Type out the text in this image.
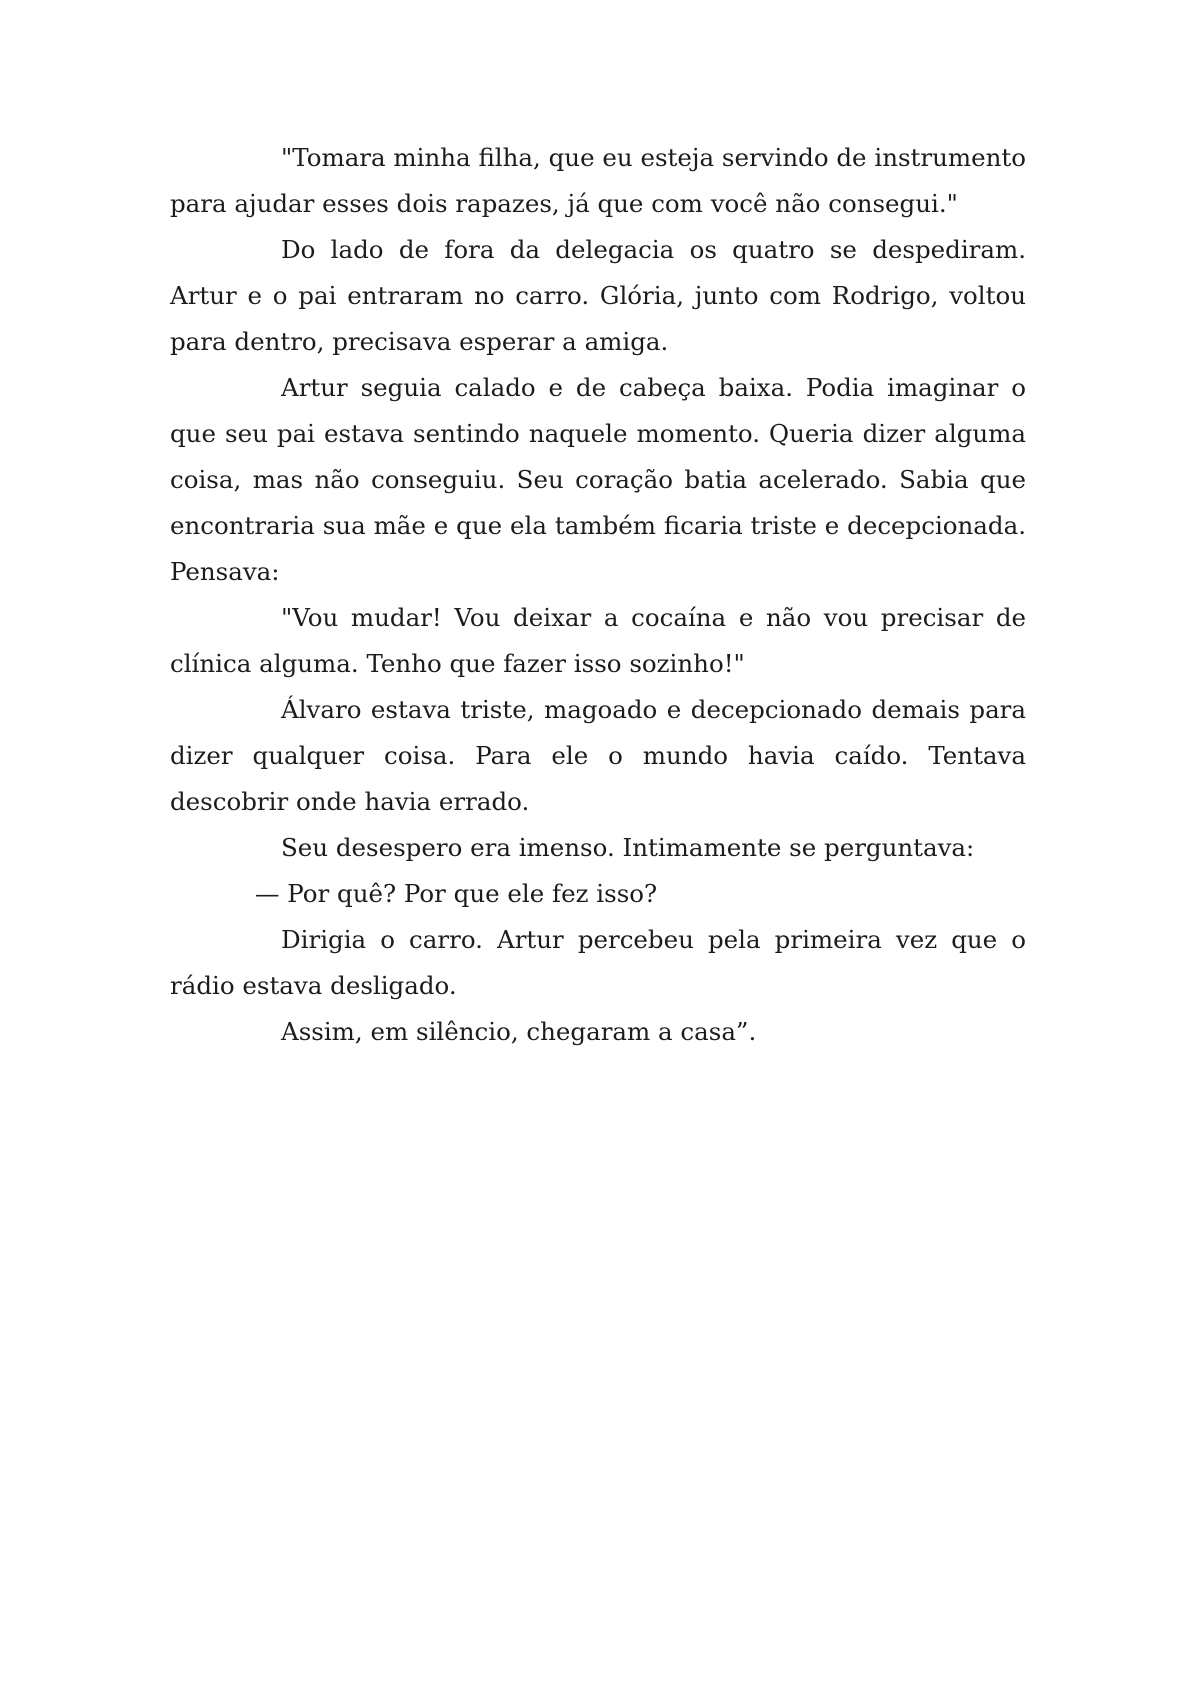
"Tomara minha filha, que eu esteja servindo de instrumento para ajudar esses dois rapazes, já que com você não consegui."

Do lado de fora da delegacia os quatro se despediram. Artur e o pai entraram no carro. Glória, junto com Rodrigo, voltou para dentro, precisava esperar a amiga.

Artur seguia calado e de cabeça baixa. Podia imaginar o que seu pai estava sentindo naquele momento. Queria dizer alguma coisa, mas não conseguiu. Seu coração batia acelerado. Sabia que encontraria sua mãe e que ela também ficaria triste e decepcionada. Pensava:

"Vou mudar! Vou deixar a cocaína e não vou precisar de clínica alguma. Tenho que fazer isso sozinho!"

Álvaro estava triste, magoado e decepcionado demais para dizer qualquer coisa. Para ele o mundo havia caído. Tentava descobrir onde havia errado.

Seu desespero era imenso. Intimamente se perguntava:

— Por quê? Por que ele fez isso?

Dirigia o carro. Artur percebeu pela primeira vez que o rádio estava desligado.

Assim, em silêncio, chegaram a casa”.
